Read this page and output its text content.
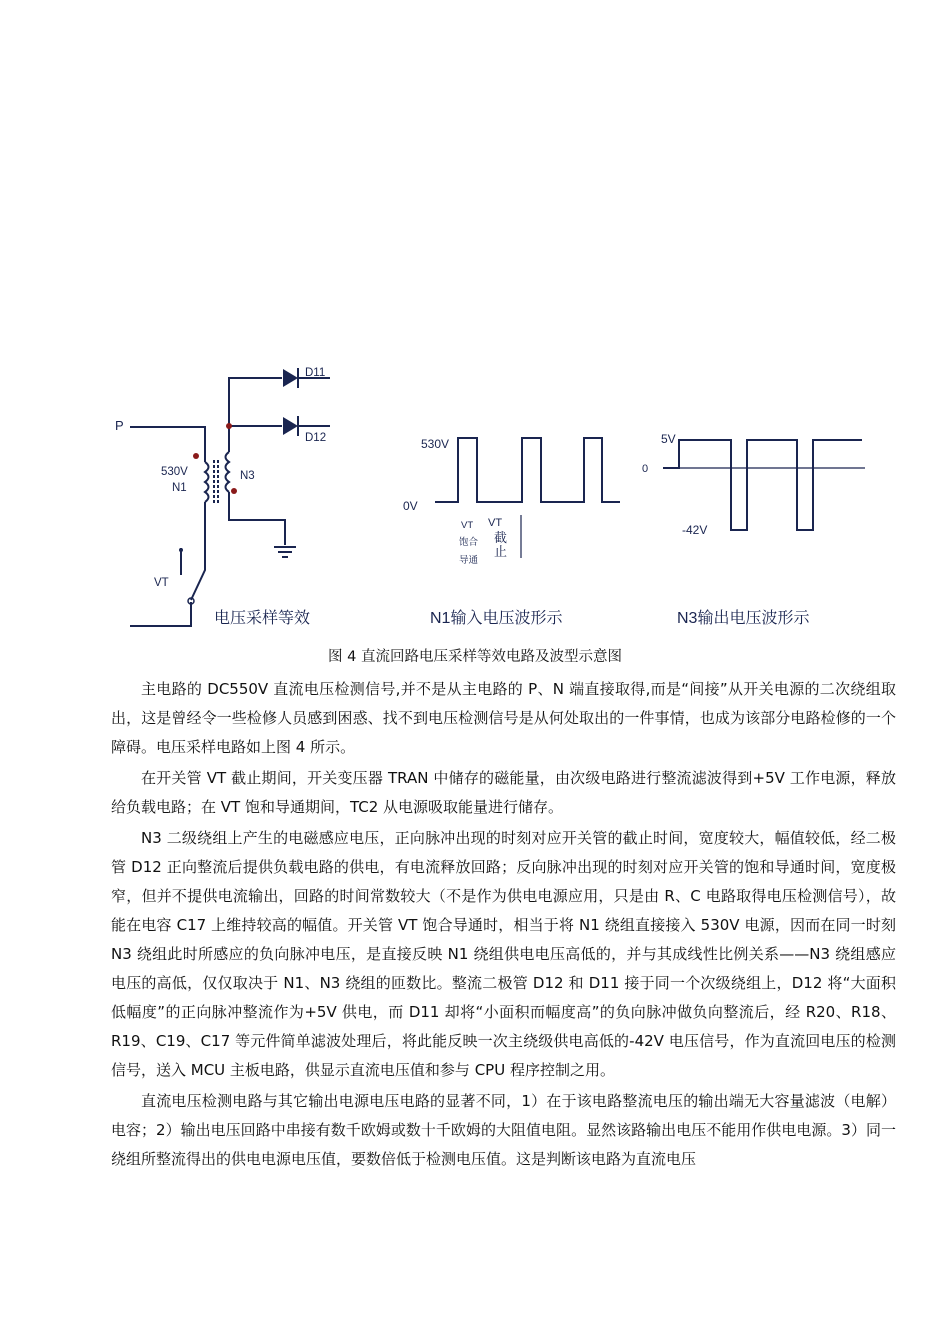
P
530V
N1
N3
D11
D12
VT
电压采样等效
530V
0V
VT
饱合
导通
VT
截
止
N1输入电压波形示
5V
0
-42V
N3输出电压波形示
图 4 直流回路电压采样等效电路及波型示意图

主电路的 DC550V 直流电压检测信号,并不是从主电路的 P、N 端直接取得,而是“间接”从开关电源的二次绕组取出，这是曾经令一些检修人员感到困惑、找不到电压检测信号是从何处取出的一件事情，也成为该部分电路检修的一个障碍。电压采样电路如上图 4 所示。

在开关管 VT 截止期间，开关变压器 TRAN 中储存的磁能量，由次级电路进行整流滤波得到+5V 工作电源，释放给负载电路；在 VT 饱和导通期间，TC2 从电源吸取能量进行储存。

N3 二级绕组上产生的电磁感应电压，正向脉冲出现的时刻对应开关管的截止时间，宽度较大，幅值较低，经二极管 D12 正向整流后提供负载电路的供电，有电流释放回路；反向脉冲出现的时刻对应开关管的饱和导通时间，宽度极窄，但并不提供电流输出，回路的时间常数较大（不是作为供电电源应用，只是由 R、C 电路取得电压检测信号），故能在电容 C17 上维持较高的幅值。开关管 VT 饱合导通时，相当于将 N1 绕组直接接入 530V 电源，因而在同一时刻 N3 绕组此时所感应的负向脉冲电压，是直接反映 N1 绕组供电电压高低的，并与其成线性比例关系——N3 绕组感应电压的高低，仅仅取决于 N1、N3 绕组的匝数比。整流二极管 D12 和 D11 接于同一个次级绕组上，D12 将“大面积低幅度”的正向脉冲整流作为+5V 供电，而 D11 却将“小面积而幅度高”的负向脉冲做负向整流后，经 R20、R18、R19、C19、C17 等元件简单滤波处理后，将此能反映一次主绕级供电高低的-42V 电压信号，作为直流回电压的检测信号，送入 MCU 主板电路，供显示直流电压值和参与 CPU 程序控制之用。

直流电压检测电路与其它输出电源电压电路的显著不同，1）在于该电路整流电压的输出端无大容量滤波（电解）电容；2）输出电压回路中串接有数千欧姆或数十千欧姆的大阻值电阻。显然该路输出电压不能用作供电电源。3）同一绕组所整流得出的供电电源电压值，要数倍低于检测电压值。这是判断该电路为直流电压
